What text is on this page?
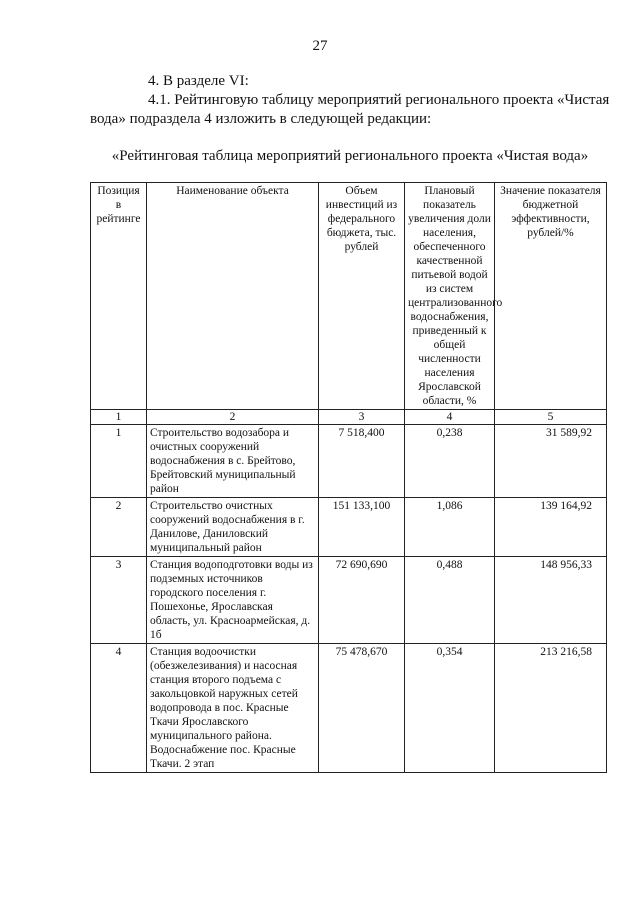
27
4. В разделе VI:
4.1. Рейтинговую таблицу мероприятий регионального проекта «Чистая
вода» подраздела 4 изложить в следующей редакции:
«Рейтинговая таблица мероприятий регионального проекта «Чистая вода»
Позиция в рейтинге	Наименование объекта	Объем инвестиций из федерального бюджета, тыс. рублей	Плановый показатель увеличения доли населения, обеспеченного качественной питьевой водой из систем централизованного водоснабжения, приведенный к общей численности населения Ярославской области, %	Значение показателя бюджетной эффективности, рублей/%
1	2	3	4	5
1	Строительство водозабора и очистных сооружений водоснабжения в с. Брейтово, Брейтовский муниципальный район	7 518,400	0,238	31 589,92
2	Строительство очистных сооружений водоснабжения в г. Данилове, Даниловский муниципальный район	151 133,100	1,086	139 164,92
3	Станция водоподготовки воды из подземных источников городского поселения г. Пошехонье, Ярославская область, ул. Красноармейская, д. 1б	72 690,690	0,488	148 956,33
4	Станция водоочистки (обезжелезивания) и насосная станция второго подъема с закольцовкой наружных сетей водопровода в пос. Красные Ткачи Ярославского муниципального района. Водоснабжение пос. Красные Ткачи. 2 этап	75 478,670	0,354	213 216,58
